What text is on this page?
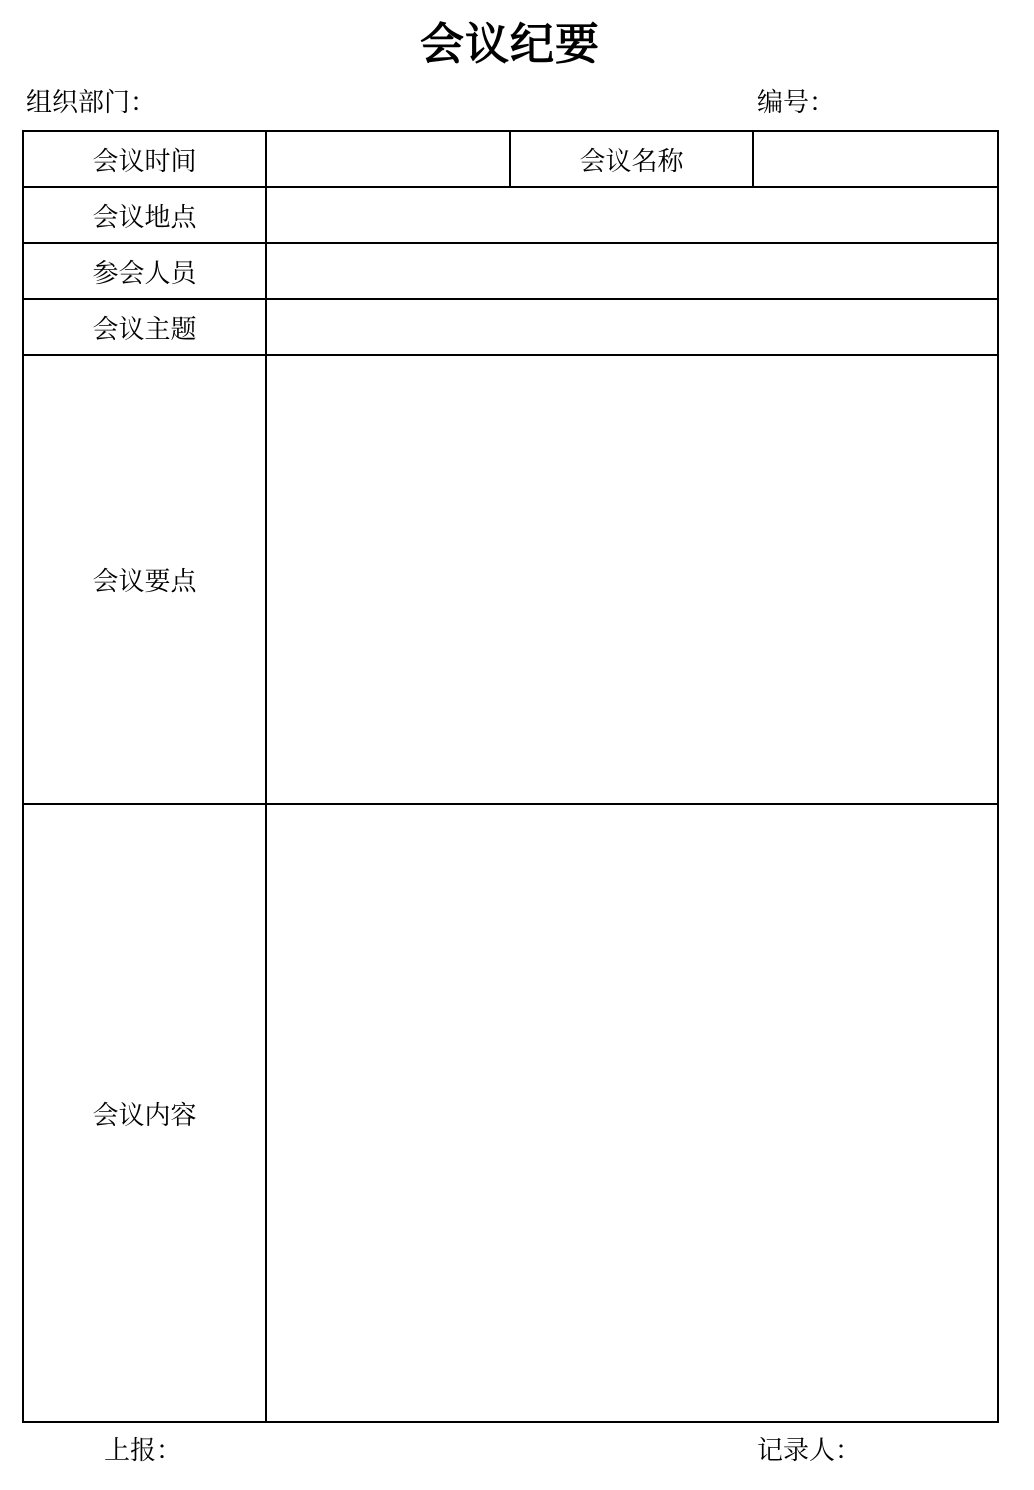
会议纪要
组织部门：	编号：
会议时间		会议名称	
会议地点			
参会人员			
会议主题			
会议要点			
会议内容			
上报：	记录人：
